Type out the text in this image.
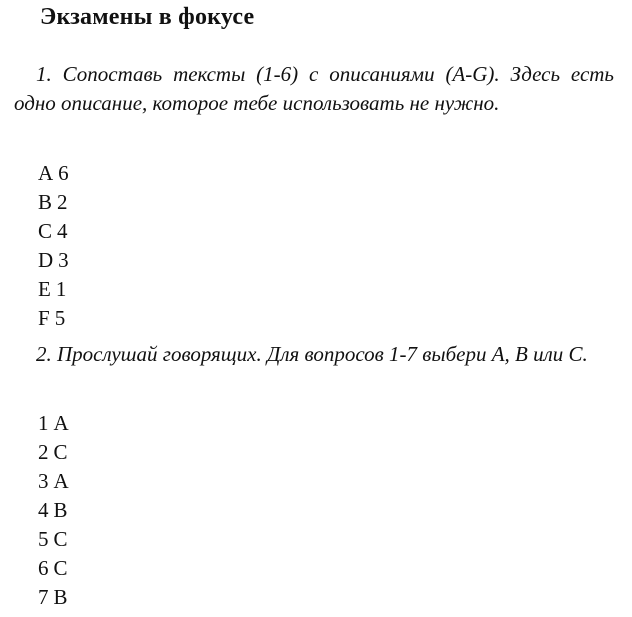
Экзамены в фокусе

1. Сопоставь тексты (1-6) с описаниями (A-G). Здесь есть одно описание, которое тебе использовать не нужно.

A 6
B 2
C 4
D 3
E 1
F 5

2. Прослушай говорящих. Для вопросов 1-7 выбери А, В или С.

1 A
2 C
3 A
4 B
5 C
6 C
7 B
